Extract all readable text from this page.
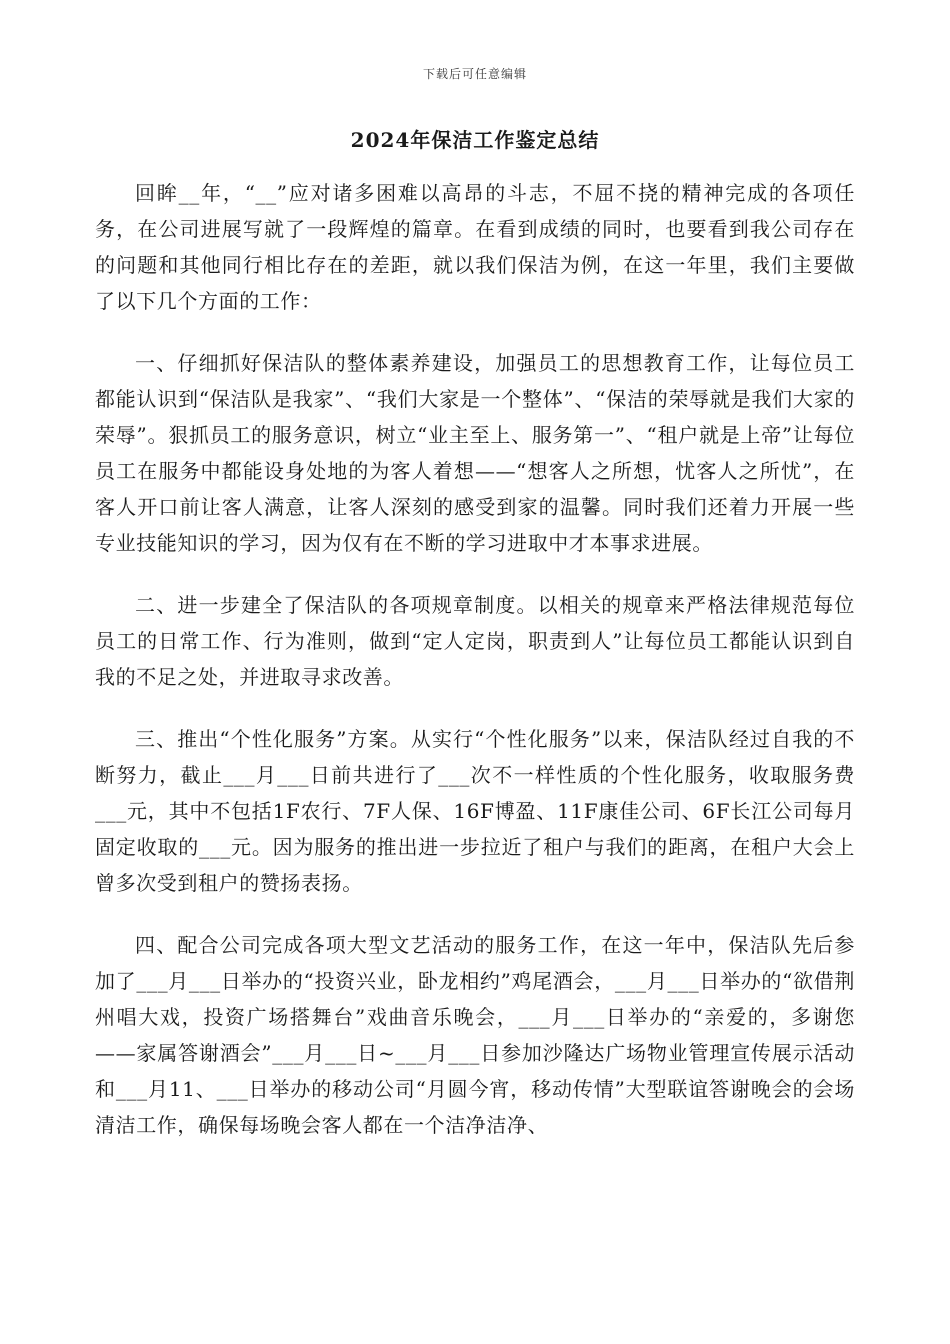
下载后可任意编辑
2024年保洁工作鉴定总结

回眸__年，“__”应对诸多困难以高昂的斗志，不屈不挠的精神完成的各项任务，在公司进展写就了一段辉煌的篇章。在看到成绩的同时，也要看到我公司存在的问题和其他同行相比存在的差距，就以我们保洁为例，在这一年里，我们主要做了以下几个方面的工作：

一、仔细抓好保洁队的整体素养建设，加强员工的思想教育工作，让每位员工都能认识到“保洁队是我家”、“我们大家是一个整体”、“保洁的荣辱就是我们大家的荣辱”。狠抓员工的服务意识，树立“业主至上、服务第一”、“租户就是上帝”让每位员工在服务中都能设身处地的为客人着想——“想客人之所想，忧客人之所忧”，在客人开口前让客人满意，让客人深刻的感受到家的温馨。同时我们还着力开展一些专业技能知识的学习，因为仅有在不断的学习进取中才本事求进展。

二、进一步建全了保洁队的各项规章制度。以相关的规章来严格法律规范每位员工的日常工作、行为准则，做到“定人定岗，职责到人”让每位员工都能认识到自我的不足之处，并进取寻求改善。

三、推出“个性化服务”方案。从实行“个性化服务”以来，保洁队经过自我的不断努力，截止___月___日前共进行了___次不一样性质的个性化服务，收取服务费___元，其中不包括1F农行、7F人保、16F博盈、11F康佳公司、6F长江公司每月固定收取的___元。因为服务的推出进一步拉近了租户与我们的距离，在租户大会上曾多次受到租户的赞扬表扬。

四、配合公司完成各项大型文艺活动的服务工作，在这一年中，保洁队先后参加了___月___日举办的“投资兴业，卧龙相约”鸡尾酒会，___月___日举办的“欲借荆州唱大戏，投资广场搭舞台”戏曲音乐晚会，___月___日举办的“亲爱的，多谢您——家属答谢酒会”___月___日~___月___日参加沙隆达广场物业管理宣传展示活动和___月11、___日举办的移动公司“月圆今宵，移动传情”大型联谊答谢晚会的会场清洁工作，确保每场晚会客人都在一个洁净洁净、
